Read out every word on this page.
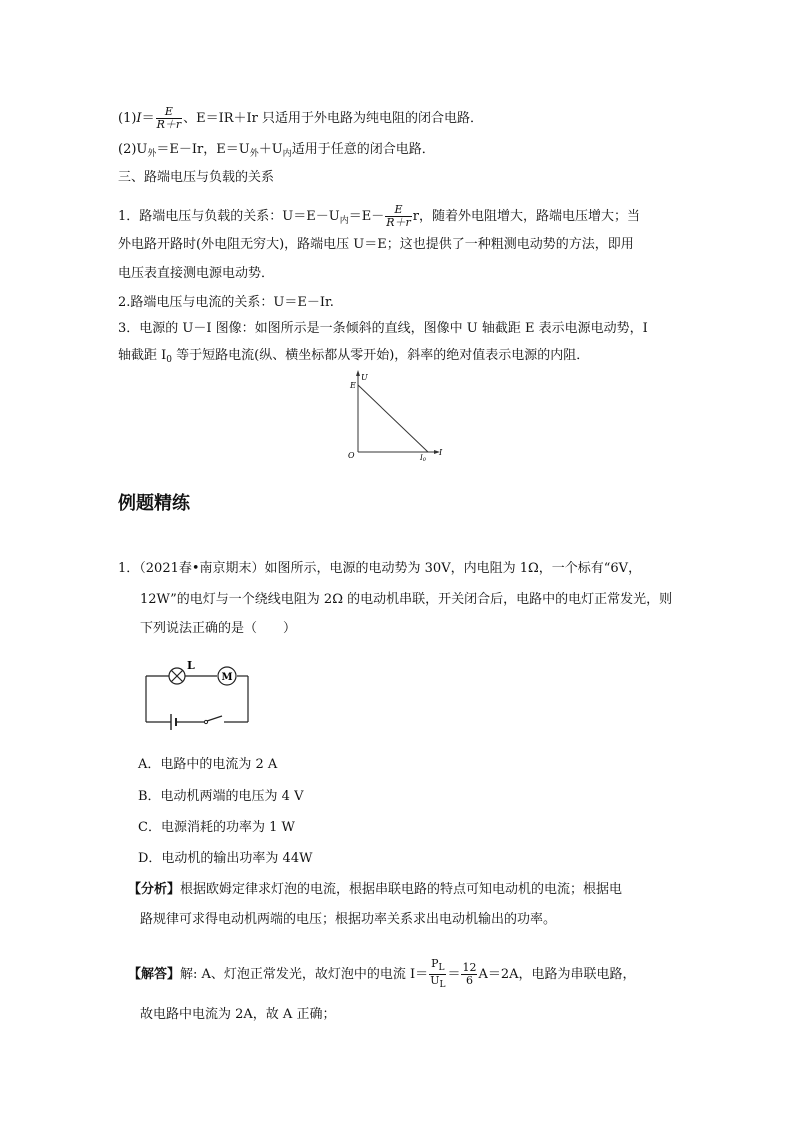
$(1)I= \frac{E}{R+r}$ 、E＝IR＋Ir 只适用于外电路为纯电阻的闭合电路．
$(2)U_外=E-Ir$，$E=U_外+U_内$适用于任意的闭合电路．
三、路端电压与负载的关系
1．路端电压与负载的关系：$U=E-U_内=E- \frac{E}{R+r}$ r，随着外电阻增大，路端电压增大；当
外电路开路时(外电阻无穷大)，路端电压 U＝E；这也提供了一种粗测电动势的方法，即用
电压表直接测电源电动势．
2.路端电压与电流的关系：U＝E－Ir.
3．电源的 U－I 图像：如图所示是一条倾斜的直线，图像中 U 轴截距 E 表示电源电动势，I
轴截距 $I_0$ 等于短路电流(纵、横坐标都从零开始)，斜率的绝对值表示电源的内阻．
E
U
O	I0
I
例题精练
1．（2021春•南京期末）如图所示，电源的电动势为 30V，内电阻为 1Ω，一个标有“6V，
12W”的电灯与一个绕线电阻为 2Ω 的电动机串联，开关闭合后，电路中的电灯正常发光，则
下列说法正确的是（　　）
L
M
A．电路中的电流为 2 A
B．电动机两端的电压为 4 V
C．电源消耗的功率为 1 W
D．电动机的输出功率为 44W
【分析】根据欧姆定律求灯泡的电流，根据串联电路的特点可知电动机的电流；根据电
路规律可求得电动机两端的电压；根据功率关系求出电动机输出的功率。
【解答】解: A、灯泡正常发光，故灯泡中的电流 $I= \frac{P_L}{U_L} = \frac{12}{6} A=2A$，电路为串联电路，
故电路中电流为 2A，故 A 正确；
